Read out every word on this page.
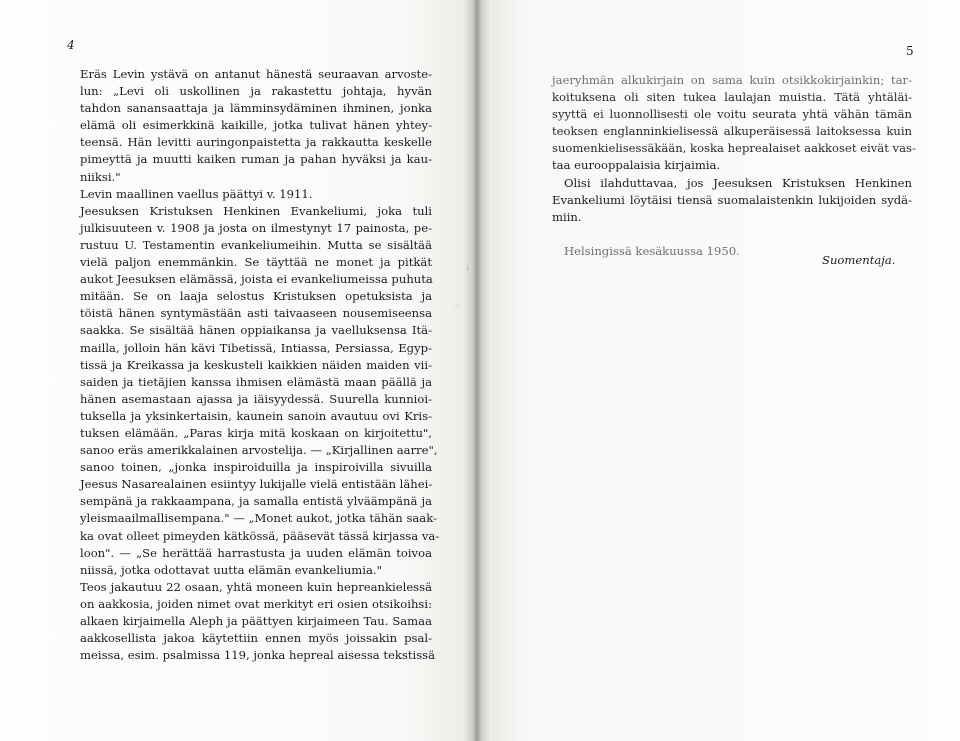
4	5
Eräs Levin ystävä on antanut hänestä seuraavan arvoste-
lun: „Levi oli uskollinen ja rakastettu johtaja, hyvän
tahdon sanansaattaja ja lämminsydäminen ihminen, jonka
elämä oli esimerkkinä kaikille, jotka tulivat hänen yhtey-
teensä. Hän levitti auringonpaistetta ja rakkautta keskelle
pimeyttä ja muutti kaiken ruman ja pahan hyväksi ja kau-
niiksi."
Levin maallinen vaellus päättyi v. 1911.
Jeesuksen Kristuksen Henkinen Evankeliumi, joka tuli
julkisuuteen v. 1908 ja josta on ilmestynyt 17 painosta, pe-
rustuu U. Testamentin evankeliumeihin. Mutta se sisältää
vielä paljon enemmänkin. Se täyttää ne monet ja pitkät
aukot Jeesuksen elämässä, joista ei evankeliumeissa puhuta
mitään. Se on laaja selostus Kristuksen opetuksista ja
töistä hänen syntymästään asti taivaaseen nousemiseensa
saakka. Se sisältää hänen oppiaikansa ja vaelluksensa Itä-
mailla, jolloin hän kävi Tibetissä, Intiassa, Persiassa, Egyp-
tissä ja Kreikassa ja keskusteli kaikkien näiden maiden vii-
saiden ja tietäjien kanssa ihmisen elämästä maan päällä ja
hänen asemastaan ajassa ja iäisyydessä. Suurella kunnioi-
tuksella ja yksinkertaisin, kaunein sanoin avautuu ovi Kris-
tuksen elämään. „Paras kirja mitä koskaan on kirjoitettu",
sanoo eräs amerikkalainen arvostelija. — „Kirjallinen aarre",
sanoo toinen, „jonka inspiroiduilla ja inspiroivilla sivuilla
Jeesus Nasarealainen esiintyy lukijalle vielä entistään lähei-
sempänä ja rakkaampana, ja samalla entistä ylväämpänä ja
yleismaailmallisempana." — „Monet aukot, jotka tähän saak-
ka ovat olleet pimeyden kätkössä, pääsevät tässä kirjassa va-
loon". — „Se herättää harrastusta ja uuden elämän toivoa
niissä, jotka odottavat uutta elämän evankeliumia."
Teos jakautuu 22 osaan, yhtä moneen kuin hepreankielessä
on aakkosia, joiden nimet ovat merkityt eri osien otsikoihsi:
alkaen kirjaimella Aleph ja päättyen kirjaimeen Tau. Samaa
aakkosellista jakoa käytettiin ennen myös joissakin psal-
meissa, esim. psalmissa 119, jonka hepreal aisessa tekstissä
jaeryhmän alkukirjain on sama kuin otsikkokirjainkin; tar-
koituksena oli siten tukea laulajan muistia. Tätä yhtäläi-
syyttä ei luonnollisesti ole voitu seurata yhtä vähän tämän
teoksen englanninkielisessä alkuperäisessä laitoksessa kuin
suomenkielisessäkään, koska heprealaiset aakkoset eivät vas-
taa eurooppalaisia kirjaimia.
Olisi ilahduttavaa, jos Jeesuksen Kristuksen Henkinen
Evankeliumi löytäisi tiensä suomalaistenkin lukijoiden sydä-
miin.
Helsingissä kesäkuussa 1950.
Suomentaja.
ı
⸝
